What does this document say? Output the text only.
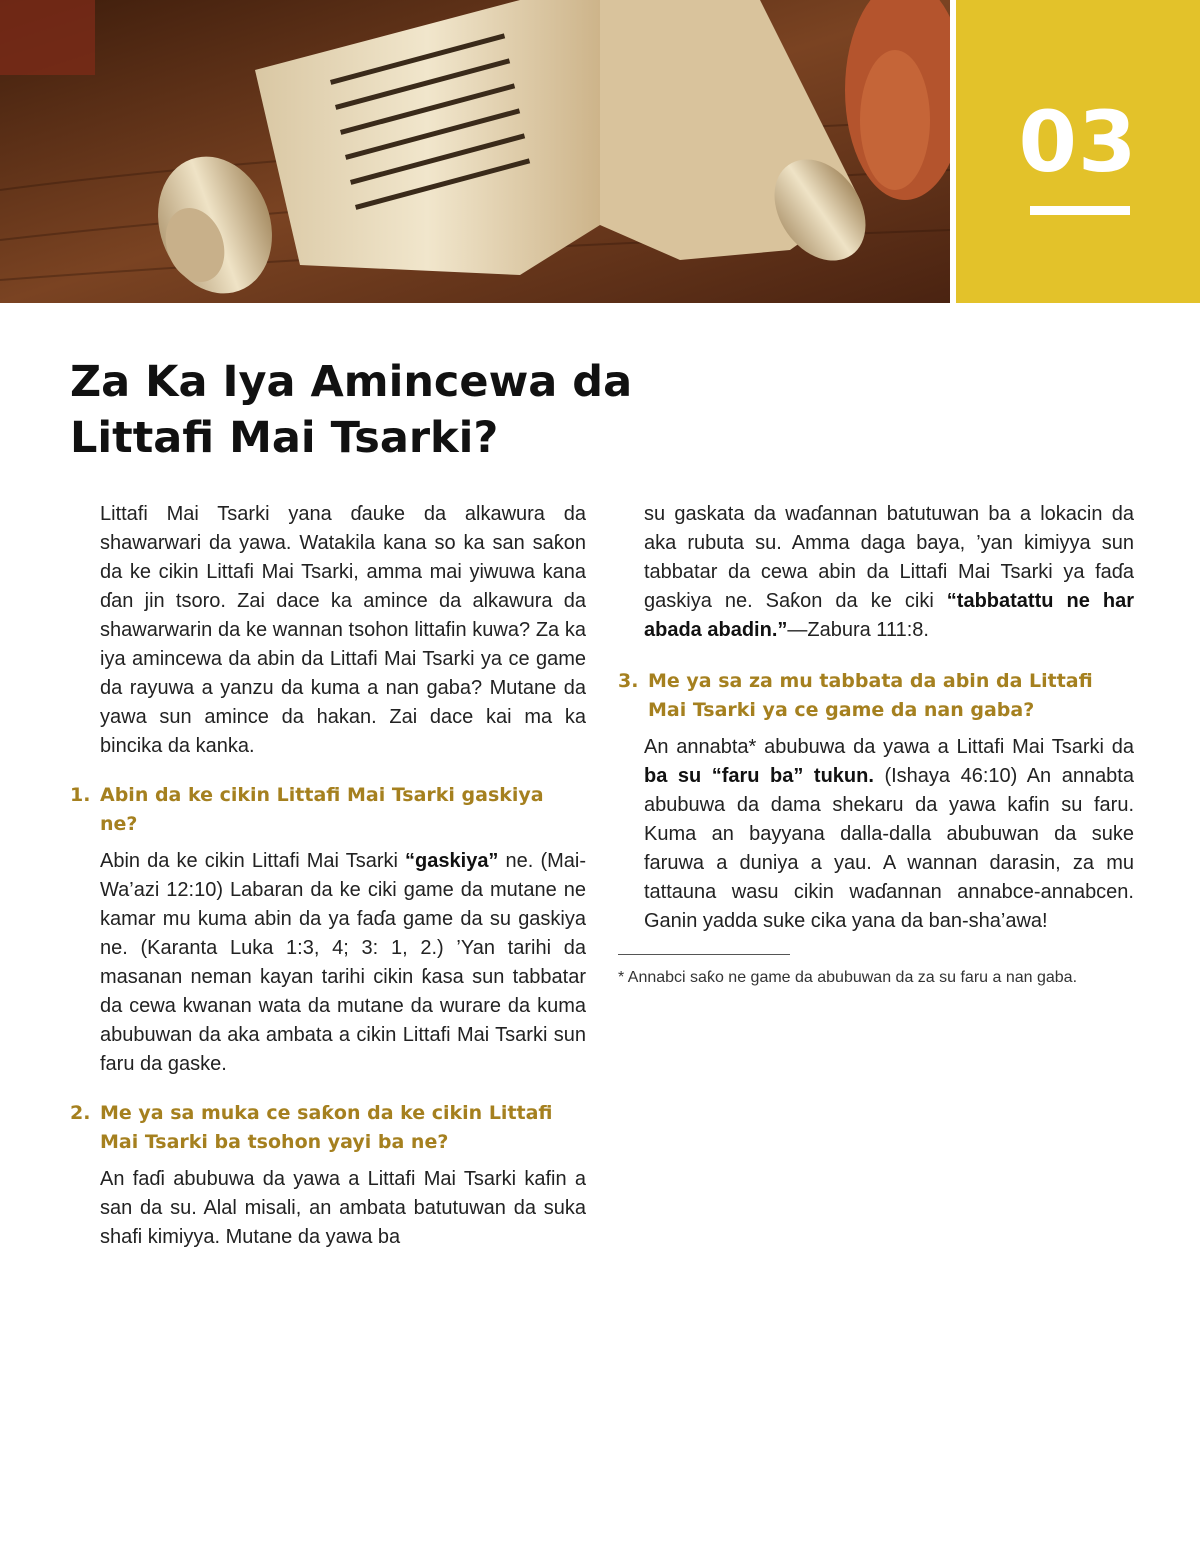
03
Za Ka Iya Amincewa da
Littafi Mai Tsarki?

Littafi Mai Tsarki yana ɗauke da alkawura da shawarwari da yawa. Watakila kana so ka san saƙon da ke cikin Littafi Mai Tsarki, amma mai yiwuwa kana ɗan jin tsoro. Zai dace ka amince da alkawura da shawarwarin da ke wannan tsohon littafin kuwa? Za ka iya amincewa da abin da Littafi Mai Tsarki ya ce game da rayuwa a yanzu da kuma a nan gaba? Mutane da yawa sun amince da hakan. Zai dace kai ma ka bincika da kanka.

1. Abin da ke cikin Littafi Mai Tsarki gaskiya ne?

Abin da ke cikin Littafi Mai Tsarki “gaskiya” ne. (Mai-Wa’azi 12:10) Labaran da ke ciki game da mutane ne kamar mu kuma abin da ya faɗa game da su gaskiya ne. (Karanta Luka 1:3, 4; 3: 1, 2.) ’Yan tarihi da masanan neman kayan tarihi cikin ƙasa sun tabbatar da cewa kwanan wata da mutane da wurare da kuma abubuwan da aka ambata a cikin Littafi Mai Tsarki sun faru da gaske.

2. Me ya sa muka ce saƙon da ke cikin Littafi Mai Tsarki ba tsohon yayi ba ne?

An faɗi abubuwa da yawa a Littafi Mai Tsarki kafin a san da su. Alal misali, an ambata batutuwan da suka shafi kimiyya. Mutane da yawa ba

su gaskata da waɗannan batutuwan ba a lokacin da aka rubuta su. Amma daga baya, ’yan kimiyya sun tabbatar da cewa abin da Littafi Mai Tsarki ya faɗa gaskiya ne. Saƙon da ke ciki “tabbatattu ne har abada abadin.”—Zabura 111:8.

3. Me ya sa za mu tabbata da abin da Littafi Mai Tsarki ya ce game da nan gaba?

An annabta* abubuwa da yawa a Littafi Mai Tsarki da ba su “faru ba” tukun. (Ishaya 46:10) An annabta abubuwa da dama shekaru da yawa kafin su faru. Kuma an bayyana dalla-dalla abubuwan da suke faruwa a duniya a yau. A wannan darasin, za mu tattauna wasu cikin waɗannan annabce-annabcen. Ganin yadda suke cika yana da ban-sha’awa!

* Annabci saƙo ne game da abubuwan da za su faru a nan gaba.
